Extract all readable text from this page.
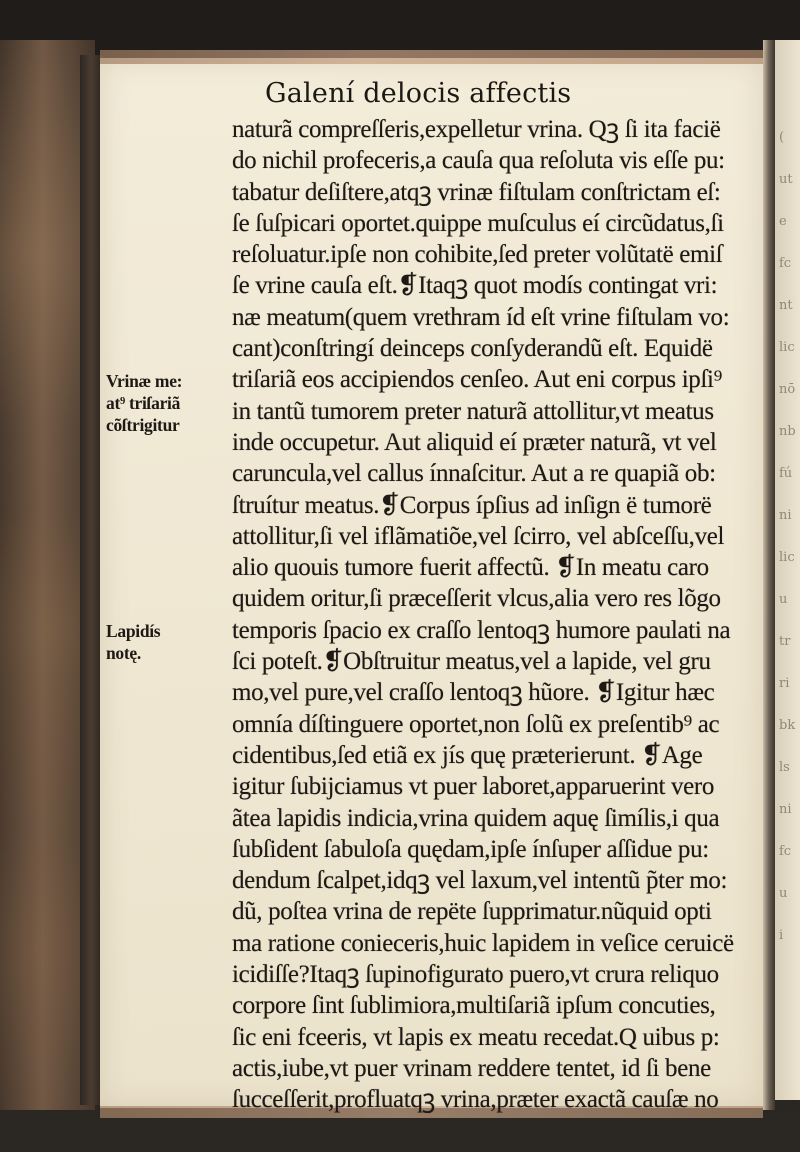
(
ut
e
fc
nt
lic
nō
nb
fú
ni
lic
u
tr
ri
bk
ls
ni
fc
u
i
Galení delocis affectis
naturã compreſſeris,expelletur vrina. Qꝫ ſi ita facië
do nichil profeceris,a cauſa qua reſoluta vis eſſe pu:
tabatur deſiſtere,atqꝫ vrinæ fiſtulam conſtrictam eſ:
ſe ſuſpicari oportet.quippe muſculus eí circũdatus,ſi
reſoluatur.ipſe non cohibite,ſed preter volũtatë emiſ
ſe vrine cauſa eſt.❡Itaqꝫ quot modís contingat vri:
næ meatum(quem vrethram íd eſt vrine fiſtulam vo:
cant)conſtringí deinceps conſyderandũ eſt. Equidë
triſariã eos accipiendos cenſeo. Aut eni corpus ipſi⁹
in tantũ tumorem preter naturã attollitur,vt meatus
inde occupetur. Aut aliquid eí præter naturã, vt vel
caruncula,vel callus ínnaſcitur. Aut a re quapiã ob:
ſtruítur meatus.❡Corpus ípſius ad inſign ë tumorë
attollitur,ſi vel iflãmatiõe,vel ſcirro, vel abſceſſu,vel
alio quouis tumore fuerit affectũ. ❡In meatu caro
quidem oritur,ſi præceſſerit vlcus,alia vero res lõgo
temporis ſpacio ex craſſo lentoqꝫ humore paulati na
ſci poteſt.❡Obſtruitur meatus,vel a lapide, vel gru
mo,vel pure,vel craſſo lentoqꝫ hũore. ❡Igitur hæc
omnía díſtinguere oportet,non ſolũ ex preſentib⁹ ac
cidentibus,ſed etiã ex jís quę præterierunt. ❡Age
igitur ſubijciamus vt puer laboret,apparuerint vero
ãtea lapidis indicia,vrina quidem aquę ſimílis,i qua
ſubſident ſabuloſa quędam,ipſe ínſuper aſſidue pu:
dendum ſcalpet,idqꝫ vel laxum,vel intentũ p̃ter mo:
dũ, poſtea vrina de repëte ſupprimatur.nũquid opti
ma ratione conieceris,huic lapidem in veſice ceruicë
icidiſſe?Itaqꝫ ſupinofigurato puero,vt crura reliquo
corpore ſint ſublimiora,multiſariã ipſum concuties,
ſic eni fceeris, vt lapis ex meatu recedat.Q uibus p:
actis,iube,vt puer vrinam reddere tentet, id ſi bene
ſucceſſerit,profluatqꝫ vrina,præter exactã cauſæ no
Vrinæ me:
at⁹ triſariã
cõſtrigitur
Lapidís
notę.
